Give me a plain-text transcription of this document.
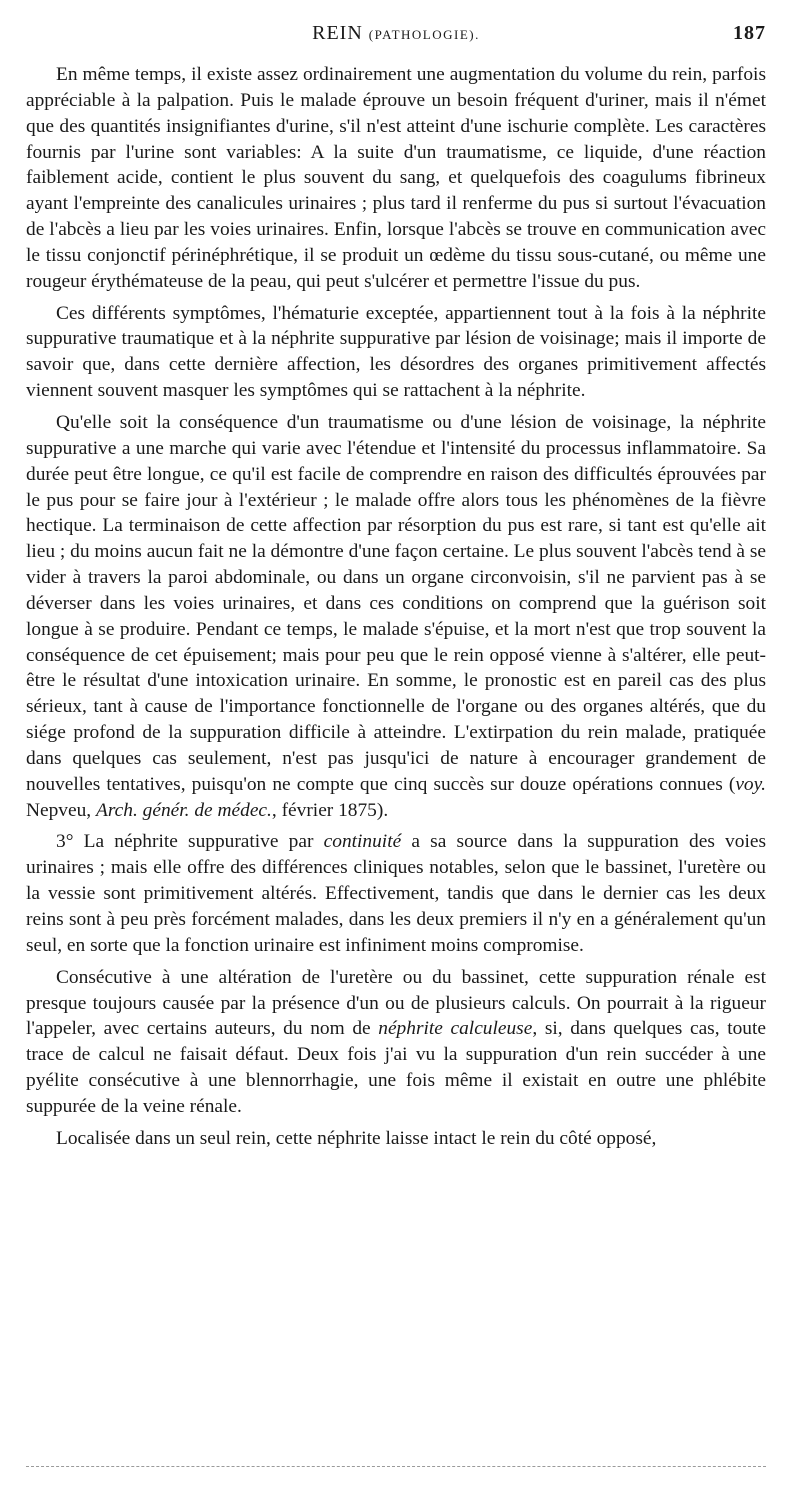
REIN (PATHOLOGIE).	187

En même temps, il existe assez ordinairement une augmentation du volume du rein, parfois appréciable à la palpation. Puis le malade éprouve un besoin fréquent d'uriner, mais il n'émet que des quantités insignifiantes d'urine, s'il n'est atteint d'une ischurie complète. Les caractères fournis par l'urine sont variables: A la suite d'un traumatisme, ce liquide, d'une réaction faiblement acide, contient le plus souvent du sang, et quelquefois des coagulums fibrineux ayant l'empreinte des canalicules urinaires ; plus tard il renferme du pus si surtout l'évacuation de l'abcès a lieu par les voies urinaires. Enfin, lorsque l'abcès se trouve en communication avec le tissu conjonctif périnéphrétique, il se produit un œdème du tissu sous-cutané, ou même une rougeur érythémateuse de la peau, qui peut s'ulcérer et permettre l'issue du pus.

Ces différents symptômes, l'hématurie exceptée, appartiennent tout à la fois à la néphrite suppurative traumatique et à la néphrite suppurative par lésion de voisinage; mais il importe de savoir que, dans cette dernière affection, les désordres des organes primitivement affectés viennent souvent masquer les symptômes qui se rattachent à la néphrite.

Qu'elle soit la conséquence d'un traumatisme ou d'une lésion de voisinage, la néphrite suppurative a une marche qui varie avec l'étendue et l'intensité du processus inflammatoire. Sa durée peut être longue, ce qu'il est facile de comprendre en raison des difficultés éprouvées par le pus pour se faire jour à l'extérieur ; le malade offre alors tous les phénomènes de la fièvre hectique. La terminaison de cette affection par résorption du pus est rare, si tant est qu'elle ait lieu ; du moins aucun fait ne la démontre d'une façon certaine. Le plus souvent l'abcès tend à se vider à travers la paroi abdominale, ou dans un organe circonvoisin, s'il ne parvient pas à se déverser dans les voies urinaires, et dans ces conditions on comprend que la guérison soit longue à se produire. Pendant ce temps, le malade s'épuise, et la mort n'est que trop souvent la conséquence de cet épuisement; mais pour peu que le rein opposé vienne à s'altérer, elle peut-être le résultat d'une intoxication urinaire. En somme, le pronostic est en pareil cas des plus sérieux, tant à cause de l'importance fonctionnelle de l'organe ou des organes altérés, que du siége profond de la suppuration difficile à atteindre. L'extirpation du rein malade, pratiquée dans quelques cas seulement, n'est pas jusqu'ici de nature à encourager grandement de nouvelles tentatives, puisqu'on ne compte que cinq succès sur douze opérations connues (voy. Nepveu, Arch. génér. de médec., février 1875).

3° La néphrite suppurative par continuité a sa source dans la suppuration des voies urinaires ; mais elle offre des différences cliniques notables, selon que le bassinet, l'uretère ou la vessie sont primitivement altérés. Effectivement, tandis que dans le dernier cas les deux reins sont à peu près forcément malades, dans les deux premiers il n'y en a généralement qu'un seul, en sorte que la fonction urinaire est infiniment moins compromise.

Consécutive à une altération de l'uretère ou du bassinet, cette suppuration rénale est presque toujours causée par la présence d'un ou de plusieurs calculs. On pourrait à la rigueur l'appeler, avec certains auteurs, du nom de néphrite calculeuse, si, dans quelques cas, toute trace de calcul ne faisait défaut. Deux fois j'ai vu la suppuration d'un rein succéder à une pyélite consécutive à une blennorrhagie, une fois même il existait en outre une phlébite suppurée de la veine rénale.

Localisée dans un seul rein, cette néphrite laisse intact le rein du côté opposé,
